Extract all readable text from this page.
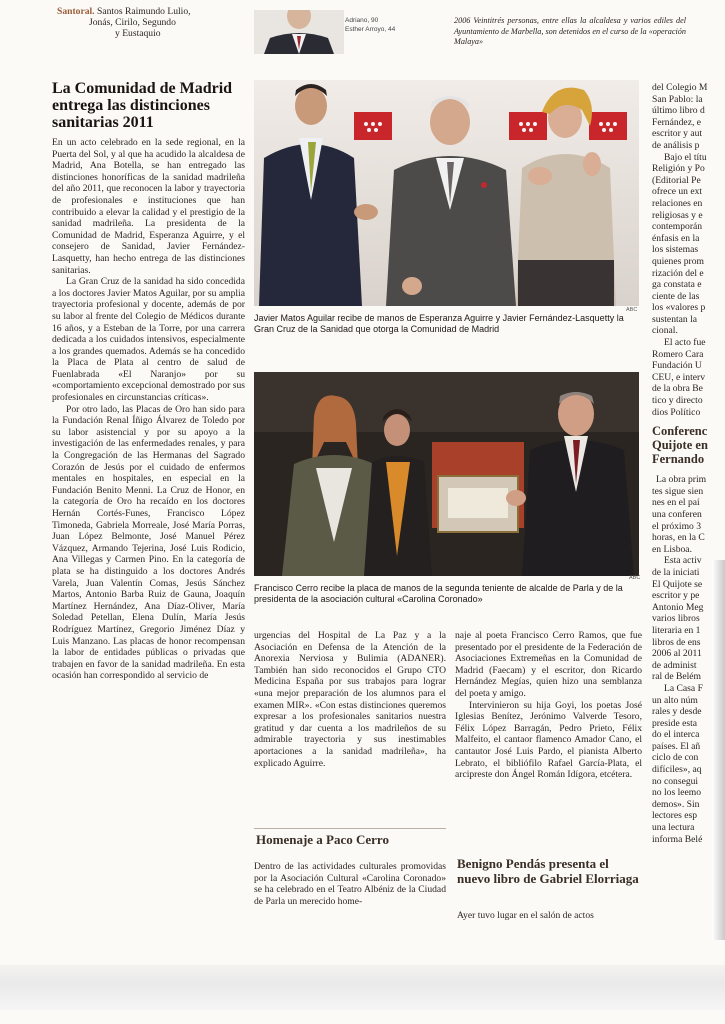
Santoral. Santos Raimundo Lulio,
Jonás, Cirilo, Segundo
y Eustaquio
Adriano, 90
Esther Arroyo, 44
2006 Veintitrés personas, entre ellas la alcaldesa y varios ediles del Ayuntamiento de Marbella, son detenidos en el curso de la «operación Malaya»
La Comunidad de Madrid entrega las distinciones sanitarias 2011

En un acto celebrado en la sede regional, en la Puerta del Sol, y al que ha acudido la alcaldesa de Madrid, Ana Botella, se han entregado las distinciones honoríficas de la sanidad madrileña del año 2011, que reconocen la labor y trayectoria de profesionales e instituciones que han contribuido a elevar la calidad y el prestigio de la sanidad madrileña. La presidenta de la Comunidad de Madrid, Esperanza Aguirre, y el consejero de Sanidad, Javier Fernández-Lasquetty, han hecho entrega de las distinciones sanitarias.

La Gran Cruz de la sanidad ha sido concedida a los doctores Javier Matos Aguilar, por su amplia trayectoria profesional y docente, además de por su labor al frente del Colegio de Médicos durante 16 años, y a Esteban de la Torre, por una carrera dedicada a los cuidados intensivos, especialmente a los grandes quemados. Además se ha concedido la Placa de Plata al centro de salud de Fuenlabrada «El Naranjo» por su «comportamiento excepcional demostrado por sus profesionales en circunstancias críticas».

Por otro lado, las Placas de Oro han sido para la Fundación Renal Íñigo Álvarez de Toledo por su labor asistencial y por su apoyo a la investigación de las enfermedades renales, y para la Congregación de las Hermanas del Sagrado Corazón de Jesús por el cuidado de enfermos mentales en hospitales, en especial en la Fundación Benito Menni. La Cruz de Honor, en la categoría de Oro ha recaído en los doctores Hernán Cortés-Funes, Francisco López Timoneda, Gabriela Morreale, José María Porras, Juan López Belmonte, José Manuel Pérez Vázquez, Armando Tejerina, José Luis Rodicio, Ana Villegas y Carmen Pino. En la categoría de plata se ha distinguido a los doctores Andrés Varela, Juan Valentín Comas, Jesús Sánchez Martos, Antonio Barba Ruiz de Gauna, Joaquín Martínez Hernández, Ana Díaz-Oliver, María Soledad Petellan, Elena Dulín, María Jesús Rodríguez Martínez, Gregorio Jiménez Díaz y Luis Manzano. Las placas de honor recompensan la labor de entidades públicas o privadas que trabajen en favor de la sanidad madrileña. En esta ocasión han correspondido al servicio de

ABC
Javier Matos Aguilar recibe de manos de Esperanza Aguirre y Javier Fernández-Lasquetty la Gran Cruz de la Sanidad que otorga la Comunidad de Madrid
ABC
Francisco Cerro recibe la placa de manos de la segunda teniente de alcalde de Parla y de la presidenta de la asociación cultural «Carolina Coronado»

urgencias del Hospital de La Paz y a la Asociación en Defensa de la Atención de la Anorexia Nerviosa y Bulimia (ADANER). También han sido reconocidos el Grupo CTO Medicina España por sus trabajos para lograr «una mejor preparación de los alumnos para el examen MIR». «Con estas distinciones queremos expresar a los profesionales sanitarios nuestra gratitud y dar cuenta a los madrileños de su admirable trayectoria y sus inestimables aportaciones a la sanidad madrileña», ha explicado Aguirre.

Homenaje a Paco Cerro

Dentro de las actividades culturales promovidas por la Asociación Cultural «Carolina Coronado» se ha celebrado en el Teatro Albéniz de la Ciudad de Parla un merecido home-

naje al poeta Francisco Cerro Ramos, que fue presentado por el presidente de la Federación de Asociaciones Extremeñas en la Comunidad de Madrid (Faecam) y el escritor, don Ricardo Hernández Megías, quien hizo una semblanza del poeta y amigo.

Intervinieron su hija Goyi, los poetas José Iglesias Benítez, Jerónimo Valverde Tesoro, Félix López Barragán, Pedro Prieto, Félix Malfeito, el cantaor flamenco Amador Cano, el cantautor José Luis Pardo, el pianista Alberto Lebrato, el bibliófilo Rafael García-Plata, el arcipreste don Ángel Román Idígora, etcétera.

Benigno Pendás presenta el nuevo libro de Gabriel Elorriaga
Ayer tuvo lugar en el salón de actos
del Colegio M
San Pablo: la
último libro d
Fernández, e
escritor y aut
de análisis p
Bajo el títu
Religión y Po
(Editorial Pe
ofrece un ext
relaciones en
religiosas y e
contemporán
énfasis en la
los sistemas
quienes prom
rización del e
ga constata e
ciente de las
los «valores p
sustentan la
cional.
El acto fue
Romero Cara
Fundación U
CEU, e interv
de la obra Be
tico y directo
dios Político
Conferenc
Quijote en
Fernando
La obra prim
tes sigue sien
nes en el paí
una conferen
el próximo 3
horas, en la C
en Lisboa.
Esta activ
de la iniciati
El Quijote se
escritor y pe
Antonio Meg
varios libros
literaria en 1
libros de ens
2006 al 2011
de administ
ral de Belém
La Casa F
un alto núm
rales y desde
preside esta
do el interca
países. El añ
ciclo de con
difíciles», aq
no consegui
no los leemo
demos». Sin
lectores esp
una lectura
informa Belé
